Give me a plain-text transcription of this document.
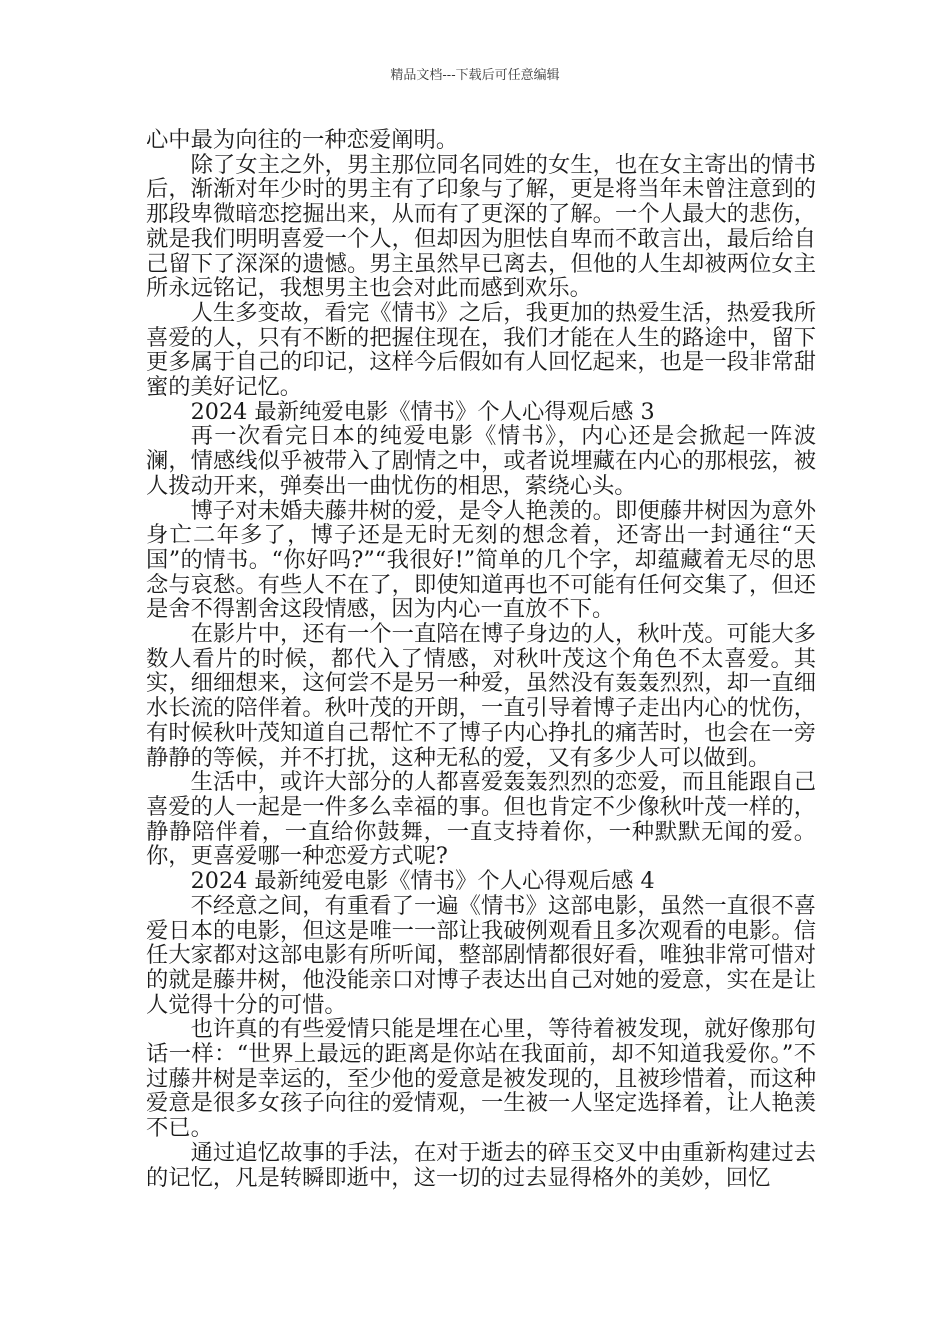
精品文档---下载后可任意编辑

心中最为向往的一种恋爱阐明。

除了女主之外，男主那位同名同姓的女生，也在女主寄出的情书后，渐渐对年少时的男主有了印象与了解，更是将当年未曾注意到的那段卑微暗恋挖掘出来，从而有了更深的了解。一个人最大的悲伤，就是我们明明喜爱一个人，但却因为胆怯自卑而不敢言出，最后给自己留下了深深的遗憾。男主虽然早已离去，但他的人生却被两位女主所永远铭记，我想男主也会对此而感到欢乐。

人生多变故，看完《情书》之后，我更加的热爱生活，热爱我所喜爱的人，只有不断的把握住现在，我们才能在人生的路途中，留下更多属于自己的印记，这样今后假如有人回忆起来，也是一段非常甜蜜的美好记忆。

2024 最新纯爱电影《情书》个人心得观后感 3

再一次看完日本的纯爱电影《情书》，内心还是会掀起一阵波澜，情感线似乎被带入了剧情之中，或者说埋藏在内心的那根弦，被人拨动开来，弹奏出一曲忧伤的相思，萦绕心头。

博子对未婚夫藤井树的爱，是令人艳羡的。即便藤井树因为意外身亡二年多了，博子还是无时无刻的想念着，还寄出一封通往“天国”的情书。“你好吗?”“我很好!”简单的几个字，却蕴藏着无尽的思念与哀愁。有些人不在了，即使知道再也不可能有任何交集了，但还是舍不得割舍这段情感，因为内心一直放不下。

在影片中，还有一个一直陪在博子身边的人，秋叶茂。可能大多数人看片的时候，都代入了情感，对秋叶茂这个角色不太喜爱。其实，细细想来，这何尝不是另一种爱，虽然没有轰轰烈烈，却一直细水长流的陪伴着。秋叶茂的开朗，一直引导着博子走出内心的忧伤，有时候秋叶茂知道自己帮忙不了博子内心挣扎的痛苦时，也会在一旁静静的等候，并不打扰，这种无私的爱，又有多少人可以做到。

生活中，或许大部分的人都喜爱轰轰烈烈的恋爱，而且能跟自己喜爱的人一起是一件多么幸福的事。但也肯定不少像秋叶茂一样的，静静陪伴着，一直给你鼓舞，一直支持着你，一种默默无闻的爱。你，更喜爱哪一种恋爱方式呢?

2024 最新纯爱电影《情书》个人心得观后感 4

不经意之间，有重看了一遍《情书》这部电影，虽然一直很不喜爱日本的电影，但这是唯一一部让我破例观看且多次观看的电影。信任大家都对这部电影有所听闻，整部剧情都很好看，唯独非常可惜对的就是藤井树，他没能亲口对博子表达出自己对她的爱意，实在是让人觉得十分的可惜。

也许真的有些爱情只能是埋在心里，等待着被发现，就好像那句话一样：“世界上最远的距离是你站在我面前，却不知道我爱你。”不过藤井树是幸运的，至少他的爱意是被发现的，且被珍惜着，而这种爱意是很多女孩子向往的爱情观，一生被一人坚定选择着，让人艳羡不已。

通过追忆故事的手法，在对于逝去的碎玉交叉中由重新构建过去的记忆，凡是转瞬即逝中，这一切的过去显得格外的美妙，回忆
